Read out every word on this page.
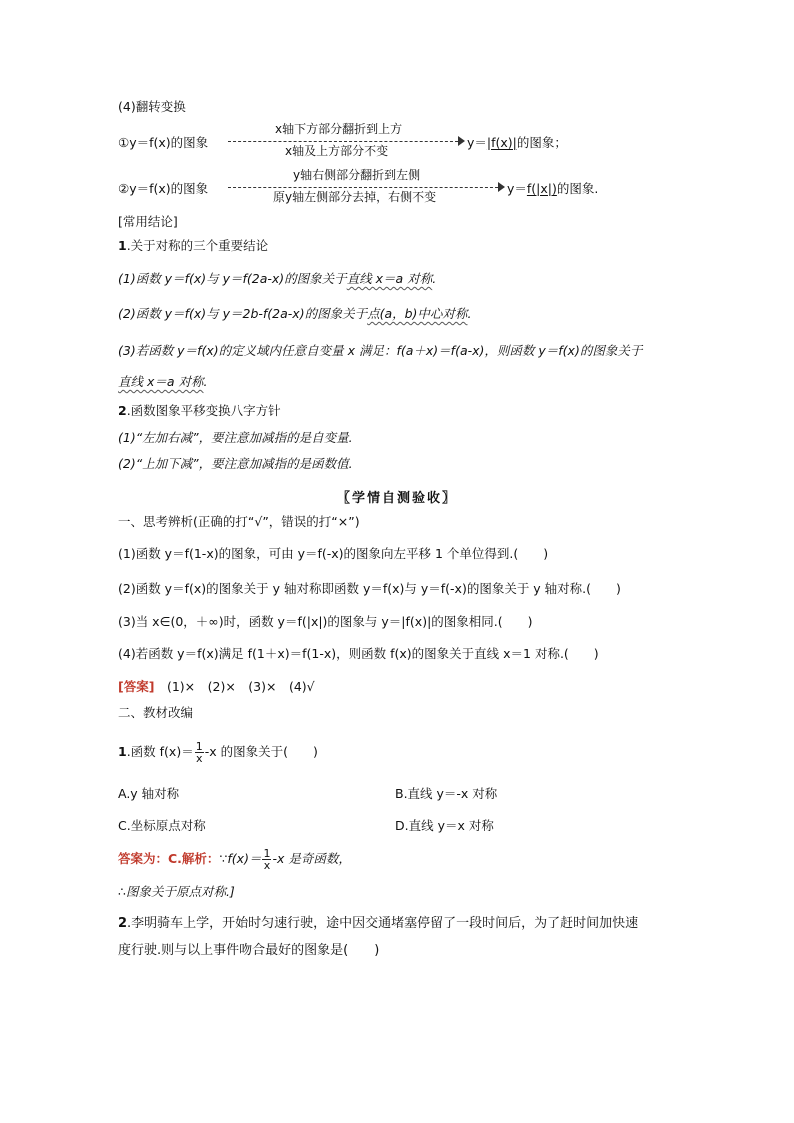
(4)翻转变换
①y＝f(x)的图象
x轴下方部分翻折到上方
x轴及上方部分不变
y＝|f(x)|的图象；
②y＝f(x)的图象
y轴右侧部分翻折到左侧
原y轴左侧部分去掉，右侧不变
y＝f(|x|)的图象.
[常用结论]
1.关于对称的三个重要结论
(1)函数 y＝f(x)与 y＝f(2a-x)的图象关于直线 x＝a 对称.
(2)函数 y＝f(x)与 y＝2b-f(2a-x)的图象关于点(a，b)中心对称.
(3)若函数 y＝f(x)的定义域内任意自变量 x 满足：f(a＋x)＝f(a-x)，则函数 y＝f(x)的图象关于
直线 x＝a 对称.
2.函数图象平移变换八字方针
(1)“左加右减”，要注意加减指的是自变量.
(2)“上加下减”，要注意加减指的是函数值.
〖学情自测验收〗
一、思考辨析(正确的打“√”，错误的打“×”)
(1)函数 y＝f(1-x)的图象，可由 y＝f(-x)的图象向左平移 1 个单位得到.(　　)
(2)函数 y＝f(x)的图象关于 y 轴对称即函数 y＝f(x)与 y＝f(-x)的图象关于 y 轴对称.(　　)
(3)当 x∈(0，＋∞)时，函数 y＝f(|x|)的图象与 y＝|f(x)|的图象相同.(　　)
(4)若函数 y＝f(x)满足 f(1＋x)＝f(1-x)，则函数 f(x)的图象关于直线 x＝1 对称.(　　)
[答案]　(1)×　(2)×　(3)×　(4)√
二、教材改编
1.函数 $f(x)= \frac{1}{x} -x$ 的图象关于(　　)
A.y 轴对称	B.直线 y＝-x 对称
C.坐标原点对称	D.直线 y＝x 对称
答案为：C.解析：∵f(x)＝ $\frac{1}{x} -x$ 是奇函数，
∴图象关于原点对称.]
2.李明骑车上学，开始时匀速行驶，途中因交通堵塞停留了一段时间后，为了赶时间加快速
度行驶.则与以上事件吻合最好的图象是(　　)
